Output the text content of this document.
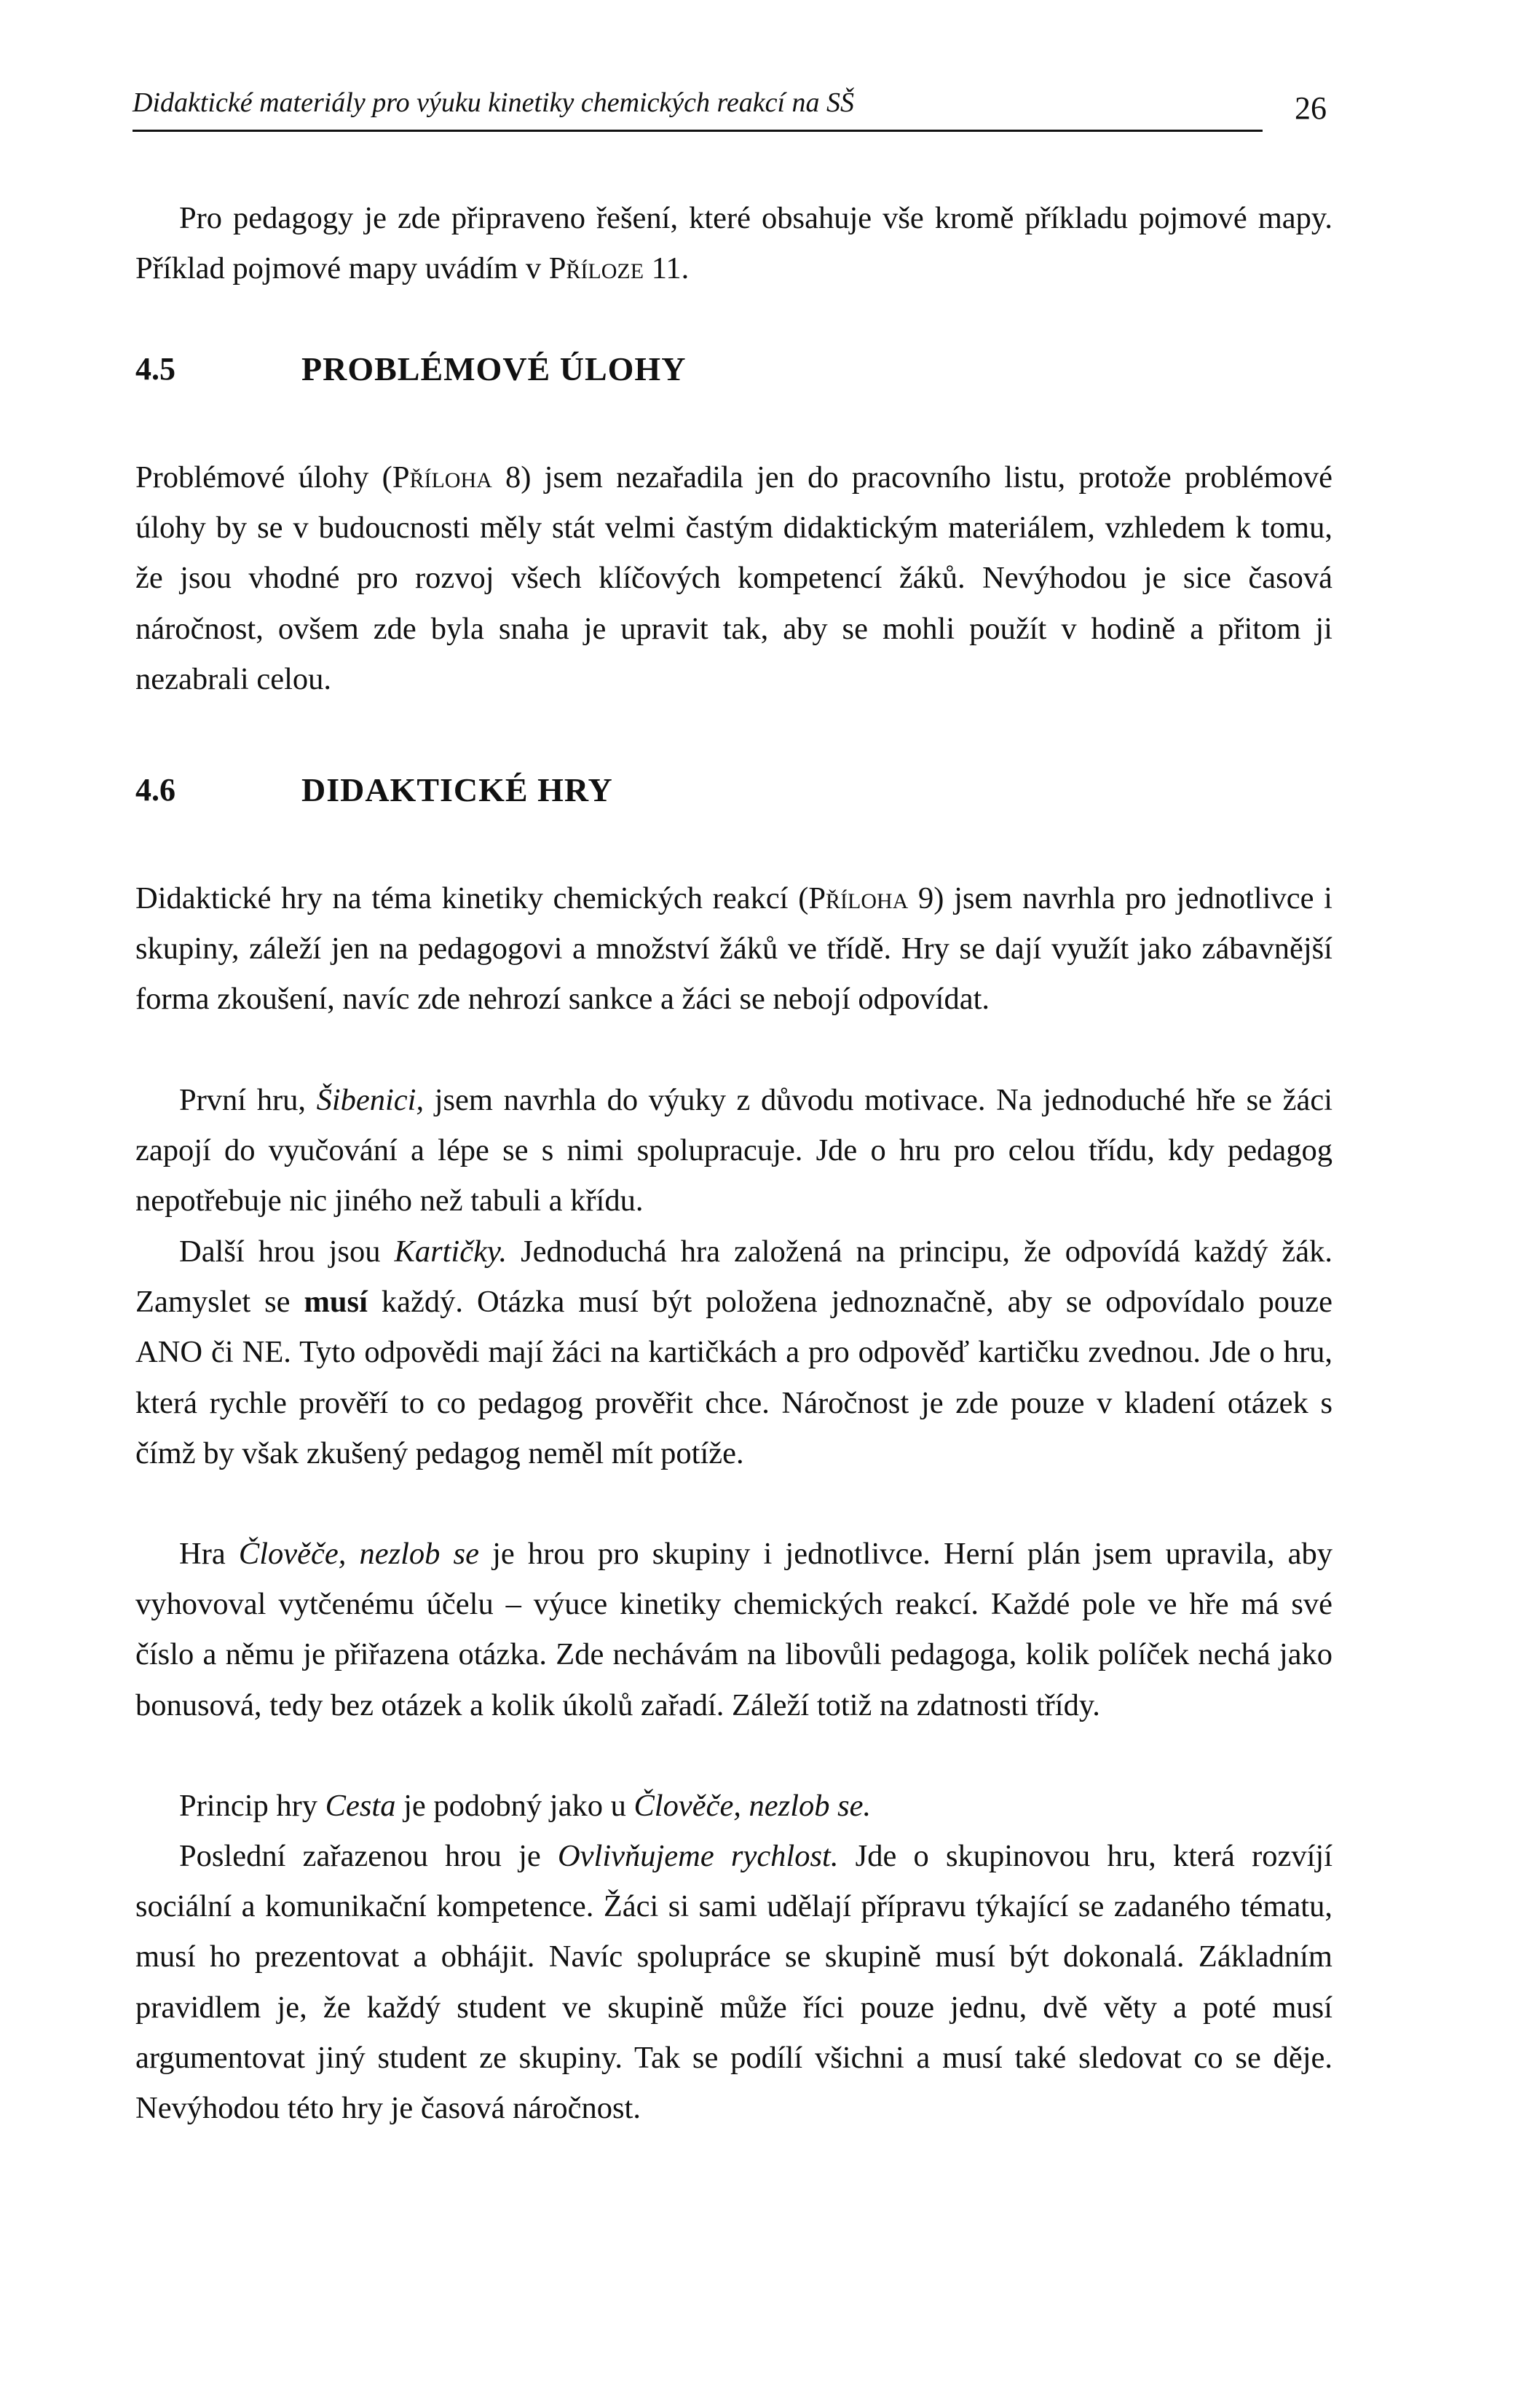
Didaktické materiály pro výuku kinetiky chemických reakcí na SŠ	26

Pro pedagogy je zde připraveno řešení, které obsahuje vše kromě příkladu pojmové mapy. Příklad pojmové mapy uvádím v Příloze 11.

4.5	PROBLÉMOVÉ ÚLOHY

Problémové úlohy (Příloha 8) jsem nezařadila jen do pracovního listu, protože problémové úlohy by se v budoucnosti měly stát velmi častým didaktickým materiálem, vzhledem k tomu, že jsou vhodné pro rozvoj všech klíčových kompetencí žáků. Nevýhodou je sice časová náročnost, ovšem zde byla snaha je upravit tak, aby se mohli použít v hodině a přitom ji nezabrali celou.

4.6	DIDAKTICKÉ HRY

Didaktické hry na téma kinetiky chemických reakcí (Příloha 9) jsem navrhla pro jednotlivce i skupiny, záleží jen na pedagogovi a množství žáků ve třídě. Hry se dají využít jako zábavnější forma zkoušení, navíc zde nehrozí sankce a žáci se nebojí odpovídat.

První hru, Šibenici, jsem navrhla do výuky z důvodu motivace. Na jednoduché hře se žáci zapojí do vyučování a lépe se s nimi spolupracuje. Jde o hru pro celou třídu, kdy pedagog nepotřebuje nic jiného než tabuli a křídu.

Další hrou jsou Kartičky. Jednoduchá hra založená na principu, že odpovídá každý žák. Zamyslet se musí každý. Otázka musí být položena jednoznačně, aby se odpovídalo pouze ANO či NE. Tyto odpovědi mají žáci na kartičkách a pro odpověď kartičku zvednou. Jde o hru, která rychle prověří to co pedagog prověřit chce. Náročnost je zde pouze v kladení otázek s čímž by však zkušený pedagog neměl mít potíže.

Hra Člověče, nezlob se je hrou pro skupiny i jednotlivce. Herní plán jsem upravila, aby vyhovoval vytčenému účelu – výuce kinetiky chemických reakcí. Každé pole ve hře má své číslo a němu je přiřazena otázka. Zde nechávám na libovůli pedagoga, kolik políček nechá jako bonusová, tedy bez otázek a kolik úkolů zařadí. Záleží totiž na zdatnosti třídy.

Princip hry Cesta je podobný jako u Člověče, nezlob se.

Poslední zařazenou hrou je Ovlivňujeme rychlost. Jde o skupinovou hru, která rozvíjí sociální a komunikační kompetence. Žáci si sami udělají přípravu týkající se zadaného tématu, musí ho prezentovat a obhájit. Navíc spolupráce se skupině musí být dokonalá. Základním pravidlem je, že každý student ve skupině může říci pouze jednu, dvě věty a poté musí argumentovat jiný student ze skupiny. Tak se podílí všichni a musí také sledovat co se děje. Nevýhodou této hry je časová náročnost.
